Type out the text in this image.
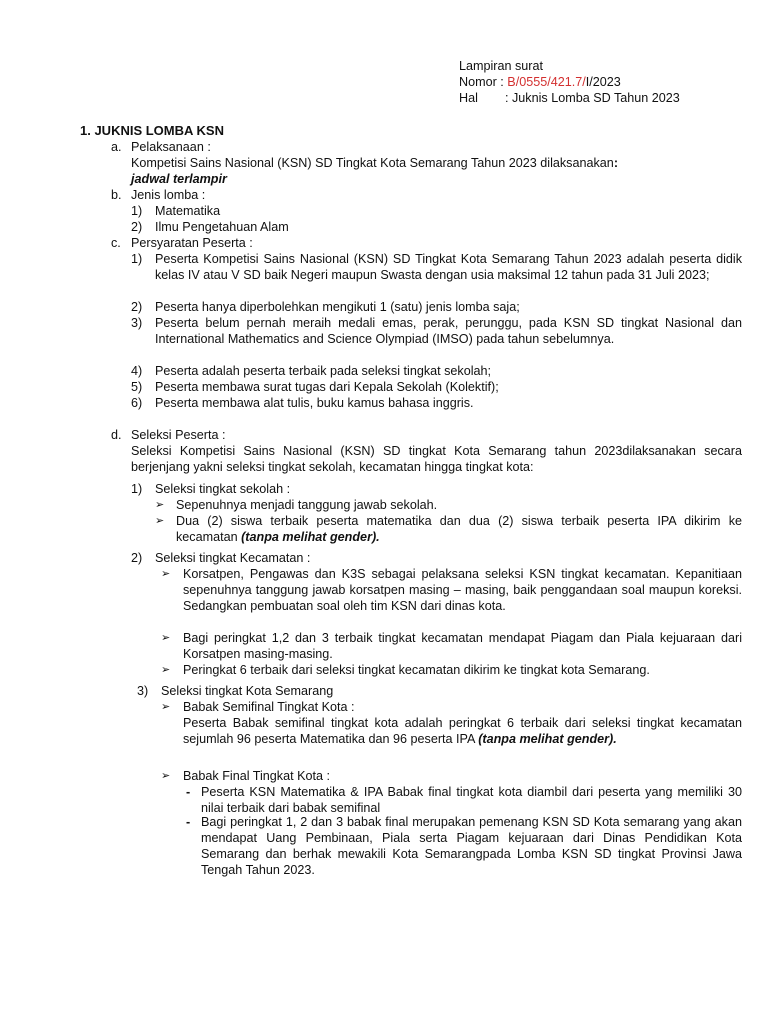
Lampiran surat
Nomor : B/0555/421.7/I/2023
Hal : Juknis Lomba SD Tahun 2023
1. JUKNIS LOMBA KSN
a. Pelaksanaan :
Kompetisi Sains Nasional (KSN) SD Tingkat Kota Semarang Tahun 2023 dilaksanakan:
jadwal terlampir
b. Jenis lomba :
1) Matematika
2) Ilmu Pengetahuan Alam
c. Persyaratan Peserta :
1) Peserta Kompetisi Sains Nasional (KSN) SD Tingkat Kota Semarang Tahun 2023 adalah peserta didik kelas IV atau V SD baik Negeri maupun Swasta dengan usia maksimal 12 tahun pada 31 Juli 2023;
2) Peserta hanya diperbolehkan mengikuti 1 (satu) jenis lomba saja;
3) Peserta belum pernah meraih medali emas, perak, perunggu, pada KSN SD tingkat Nasional dan International Mathematics and Science Olympiad (IMSO) pada tahun sebelumnya.
4) Peserta adalah peserta terbaik pada seleksi tingkat sekolah;
5) Peserta membawa surat tugas dari Kepala Sekolah (Kolektif);
6) Peserta membawa alat tulis, buku kamus bahasa inggris.
d. Seleksi Peserta :
Seleksi Kompetisi Sains Nasional (KSN) SD tingkat Kota Semarang tahun 2023dilaksanakan secara berjenjang yakni seleksi tingkat sekolah, kecamatan hingga tingkat kota:
1) Seleksi tingkat sekolah :
➢ Sepenuhnya menjadi tanggung jawab sekolah.
➢ Dua (2) siswa terbaik peserta matematika dan dua (2) siswa terbaik peserta IPA dikirim ke kecamatan (tanpa melihat gender).
2) Seleksi tingkat Kecamatan :
➢ Korsatpen, Pengawas dan K3S sebagai pelaksana seleksi KSN tingkat kecamatan. Kepanitiaan sepenuhnya tanggung jawab korsatpen masing – masing, baik penggandaan soal maupun koreksi. Sedangkan pembuatan soal oleh tim KSN dari dinas kota.
➢ Bagi peringkat 1,2 dan 3 terbaik tingkat kecamatan mendapat Piagam dan Piala kejuaraan dari Korsatpen masing-masing.
➢ Peringkat 6 terbaik dari seleksi tingkat kecamatan dikirim ke tingkat kota Semarang.
3) Seleksi tingkat Kota Semarang
➢ Babak Semifinal Tingkat Kota :
Peserta Babak semifinal tingkat kota adalah peringkat 6 terbaik dari seleksi tingkat kecamatan sejumlah 96 peserta Matematika dan 96 peserta IPA (tanpa melihat gender).
➢ Babak Final Tingkat Kota :
- Peserta KSN Matematika & IPA Babak final tingkat kota diambil dari peserta yang memiliki 30 nilai terbaik dari babak semifinal
- Bagi peringkat 1, 2 dan 3 babak final merupakan pemenang KSN SD Kota semarang yang akan mendapat Uang Pembinaan, Piala serta Piagam kejuaraan dari Dinas Pendidikan Kota Semarang dan berhak mewakili Kota Semarangpada Lomba KSN SD tingkat Provinsi Jawa Tengah Tahun 2023.
